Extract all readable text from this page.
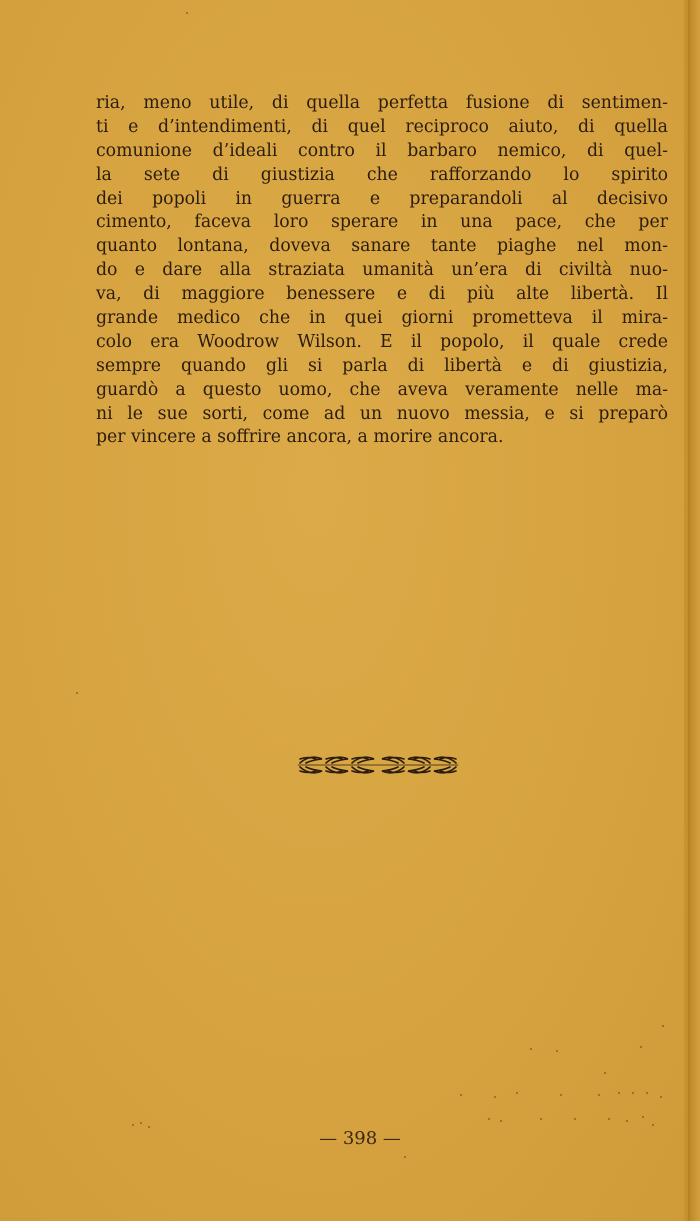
ria, meno utile, di quella perfetta fusione di sentimen-
ti e d’intendimenti, di quel reciproco aiuto, di quella
comunione d’ideali contro il barbaro nemico, di quel-
la sete di giustizia che rafforzando lo spirito
dei popoli in guerra e preparandoli al decisivo
cimento, faceva loro sperare in una pace, che per
quanto lontana, doveva sanare tante piaghe nel mon-
do e dare alla straziata umanità un’era di civiltà nuo-
va, di maggiore benessere e di più alte libertà. Il
grande medico che in quei giorni prometteva il mira-
colo era Woodrow Wilson. E il popolo, il quale crede
sempre quando gli si parla di libertà e di giustizia,
guardò a questo uomo, che aveva veramente nelle ma-
ni le sue sorti, come ad un nuovo messia, e si preparò
per vincere a soffrire ancora, a morire ancora.
— 398 —
